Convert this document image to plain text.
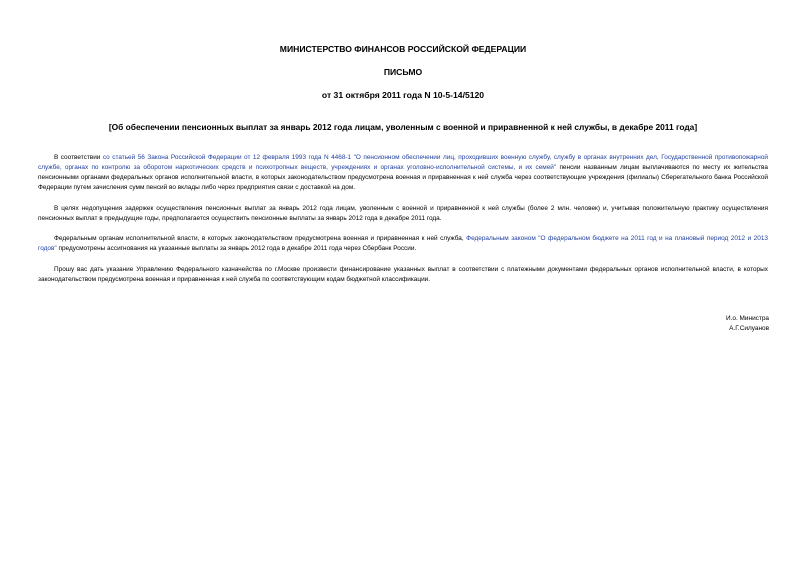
МИНИСТЕРСТВО ФИНАНСОВ РОССИЙСКОЙ ФЕДЕРАЦИИ
ПИСЬМО
от 31 октября 2011 года N 10-5-14/5120
[Об обеспечении пенсионных выплат за январь 2012 года лицам, уволенным с военной и приравненной к ней службы, в декабре 2011 года]

В соответствии со статьей 56 Закона Российской Федерации от 12 февраля 1993 года N 4468-1 "О пенсионном обеспечении лиц, проходивших военную службу, службу в органах внутренних дел, Государственной противопожарной службе, органах по контролю за оборотом наркотических средств и психотропных веществ, учреждениях и органах уголовно-исполнительной системы, и их семей" пенсии названным лицам выплачиваются по месту их жительства пенсионными органами федеральных органов исполнительной власти, в которых законодательством предусмотрена военная и приравненная к ней служба через соответствующие учреждения (филиалы) Сберегательного банка Российской Федерации путем зачисления сумм пенсий во вклады либо через предприятия связи с доставкой на дом.

В целях недопущения задержек осуществления пенсионных выплат за январь 2012 года лицам, уволенным с военной и приравненной к ней службы (более 2 млн. человек) и, учитывая положительную практику осуществления пенсионных выплат в предыдущие годы, предполагается осуществить пенсионные выплаты за январь 2012 года в декабре 2011 года.

Федеральным органам исполнительной власти, в которых законодательством предусмотрена военная и приравненная к ней служба, Федеральным законом "О федеральном бюджете на 2011 год и на плановый период 2012 и 2013 годов" предусмотрены ассигнования на указанные выплаты за январь 2012 года в декабре 2011 года через Сбербанк России.

Прошу вас дать указание Управлению Федерального казначейства по г.Москве произвести финансирование указанных выплат в соответствии с платежными документами федеральных органов исполнительной власти, в которых законодательством предусмотрена военная и приравненная к ней служба по соответствующим кодам бюджетной классификации.

И.о. Министра
А.Г.Силуанов
